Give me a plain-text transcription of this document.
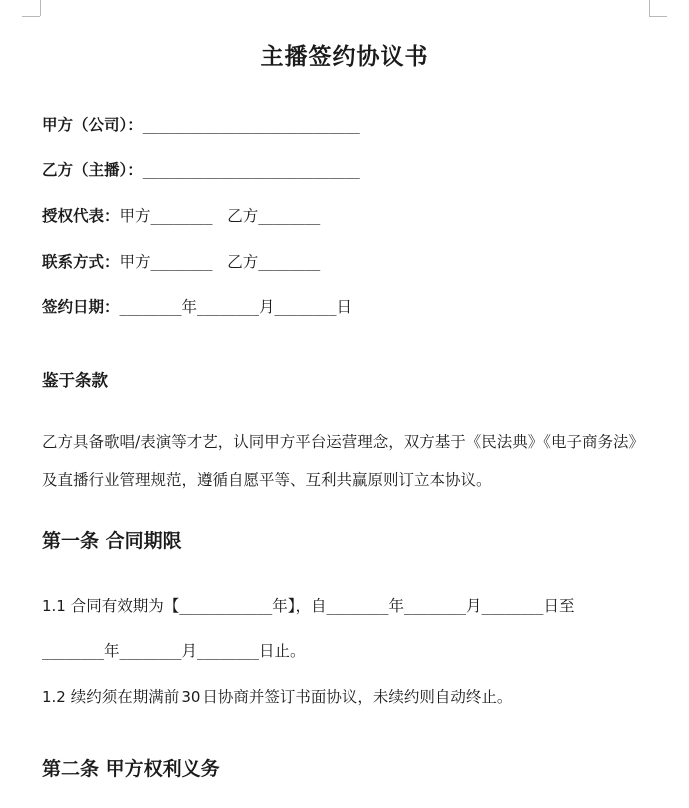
主播签约协议书
甲方（公司）：____________________________
乙方（主播）：____________________________
授权代表：甲方________   乙方________
联系方式：甲方________   乙方________
签约日期：________年________月________日
鉴于条款
乙方具备歌唱/表演等才艺，认同甲方平台运营理念，双方基于《民法典》《电子商务法》及直播行业管理规范，遵循自愿平等、互利共赢原则订立本协议。
第一条 合同期限
1.1 合同有效期为【____________年】，自________年________月________日至
________年________月________日止。
1.2 续约须在期满前 30 日协商并签订书面协议，未续约则自动终止。
第二条 甲方权利义务
